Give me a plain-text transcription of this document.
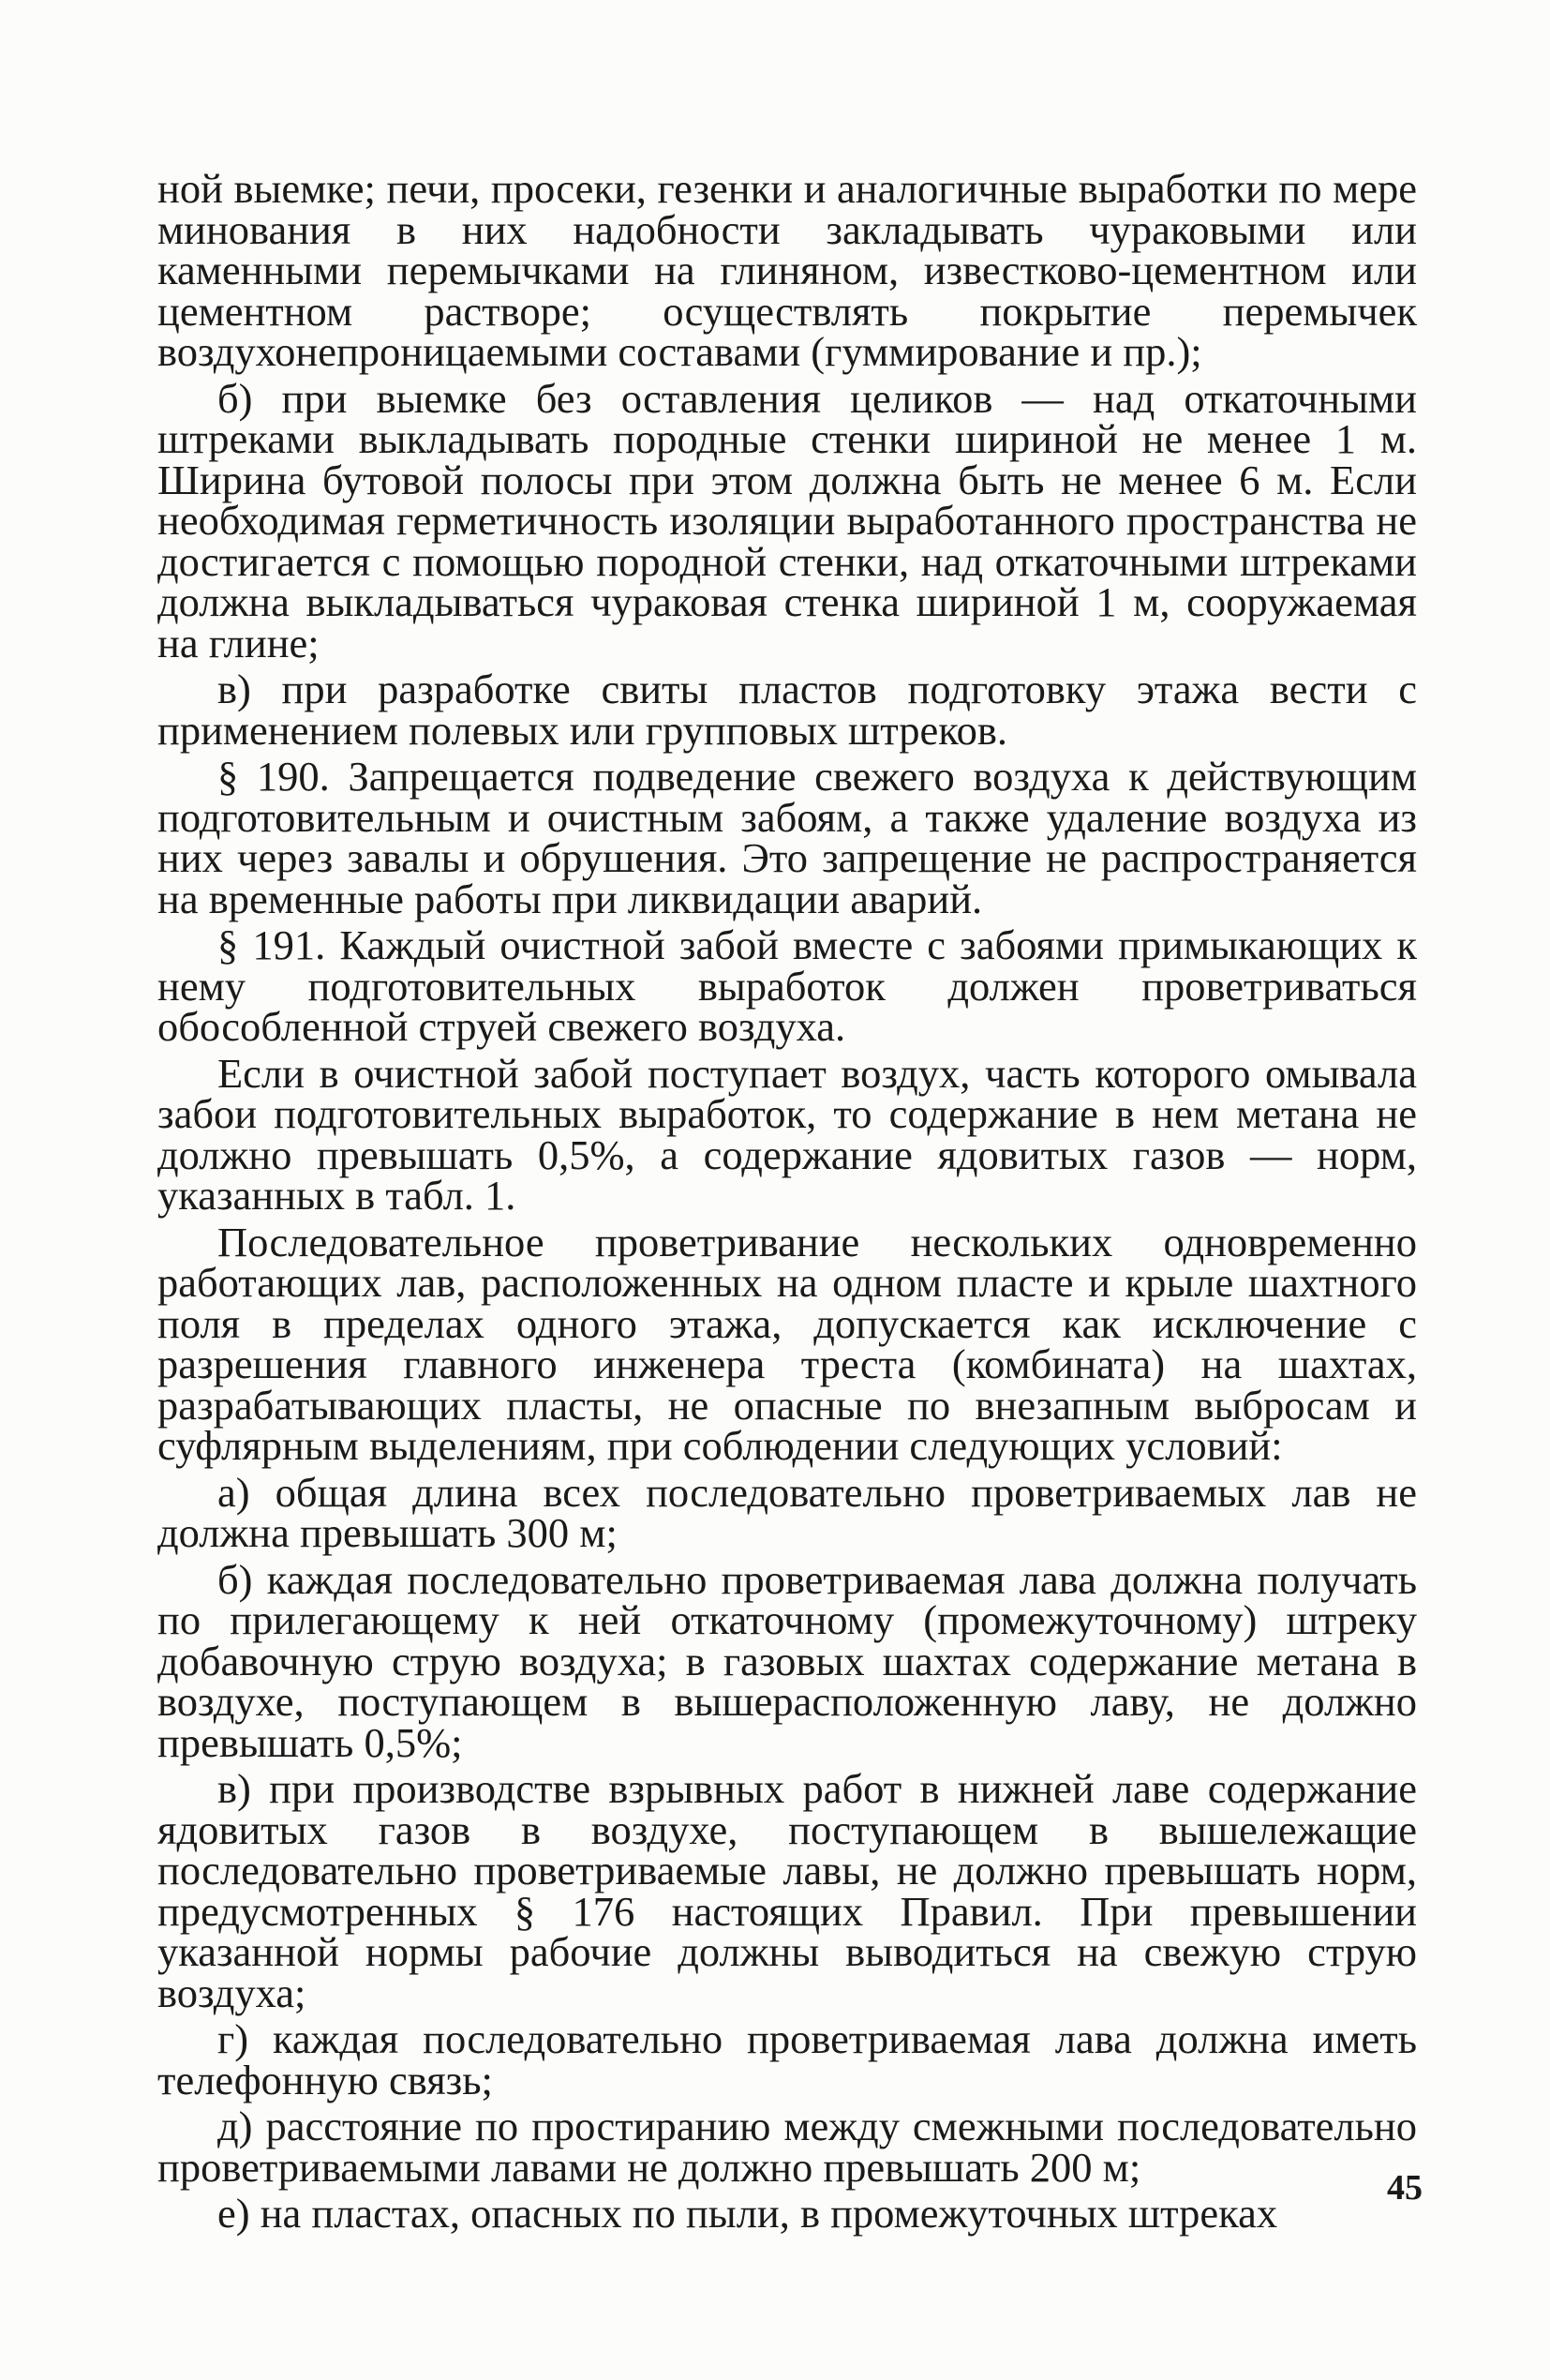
ной выемке; печи, просеки, гезенки и аналогичные выработки по мере минования в них надобности закладывать чураковыми или каменными перемычками на глиняном, известково-цементном или цементном растворе; осуществлять покрытие перемычек воздухонепроницаемыми составами (гуммирование и пр.);

б) при выемке без оставления целиков — над откаточными штреками выкладывать породные стенки шириной не менее 1 м. Ширина бутовой полосы при этом должна быть не менее 6 м. Если необходимая герметичность изоляции выработанного пространства не достигается с помощью породной стенки, над откаточными штреками должна выкладываться чураковая стенка шириной 1 м, сооружаемая на глине;

в) при разработке свиты пластов подготовку этажа вести с применением полевых или групповых штреков.

§ 190. Запрещается подведение свежего воздуха к действующим подготовительным и очистным забоям, а также удаление воздуха из них через завалы и обрушения. Это запрещение не распространяется на временные работы при ликвидации аварий.

§ 191. Каждый очистной забой вместе с забоями примыкающих к нему подготовительных выработок должен проветриваться обособленной струей свежего воздуха.

Если в очистной забой поступает воздух, часть которого омывала забои подготовительных выработок, то содержание в нем метана не должно превышать 0,5%, а содержание ядовитых газов — норм, указанных в табл. 1.

Последовательное проветривание нескольких одновременно работающих лав, расположенных на одном пласте и крыле шахтного поля в пределах одного этажа, допускается как исключение с разрешения главного инженера треста (комбината) на шахтах, разрабатывающих пласты, не опасные по внезапным выбросам и суфлярным выделениям, при соблюдении следующих условий:

а) общая длина всех последовательно проветриваемых лав не должна превышать 300 м;

б) каждая последовательно проветриваемая лава должна получать по прилегающему к ней откаточному (промежуточному) штреку добавочную струю воздуха; в газовых шахтах содержание метана в воздухе, поступающем в вышерасположенную лаву, не должно превышать 0,5%;

в) при производстве взрывных работ в нижней лаве содержание ядовитых газов в воздухе, поступающем в вышележащие последовательно проветриваемые лавы, не должно превышать норм, предусмотренных § 176 настоящих Правил. При превышении указанной нормы рабочие должны выводиться на свежую струю воздуха;

г) каждая последовательно проветриваемая лава должна иметь телефонную связь;

д) расстояние по простиранию между смежными последовательно проветриваемыми лавами не должно превышать 200 м;

е) на пластах, опасных по пыли, в промежуточных штреках

45
